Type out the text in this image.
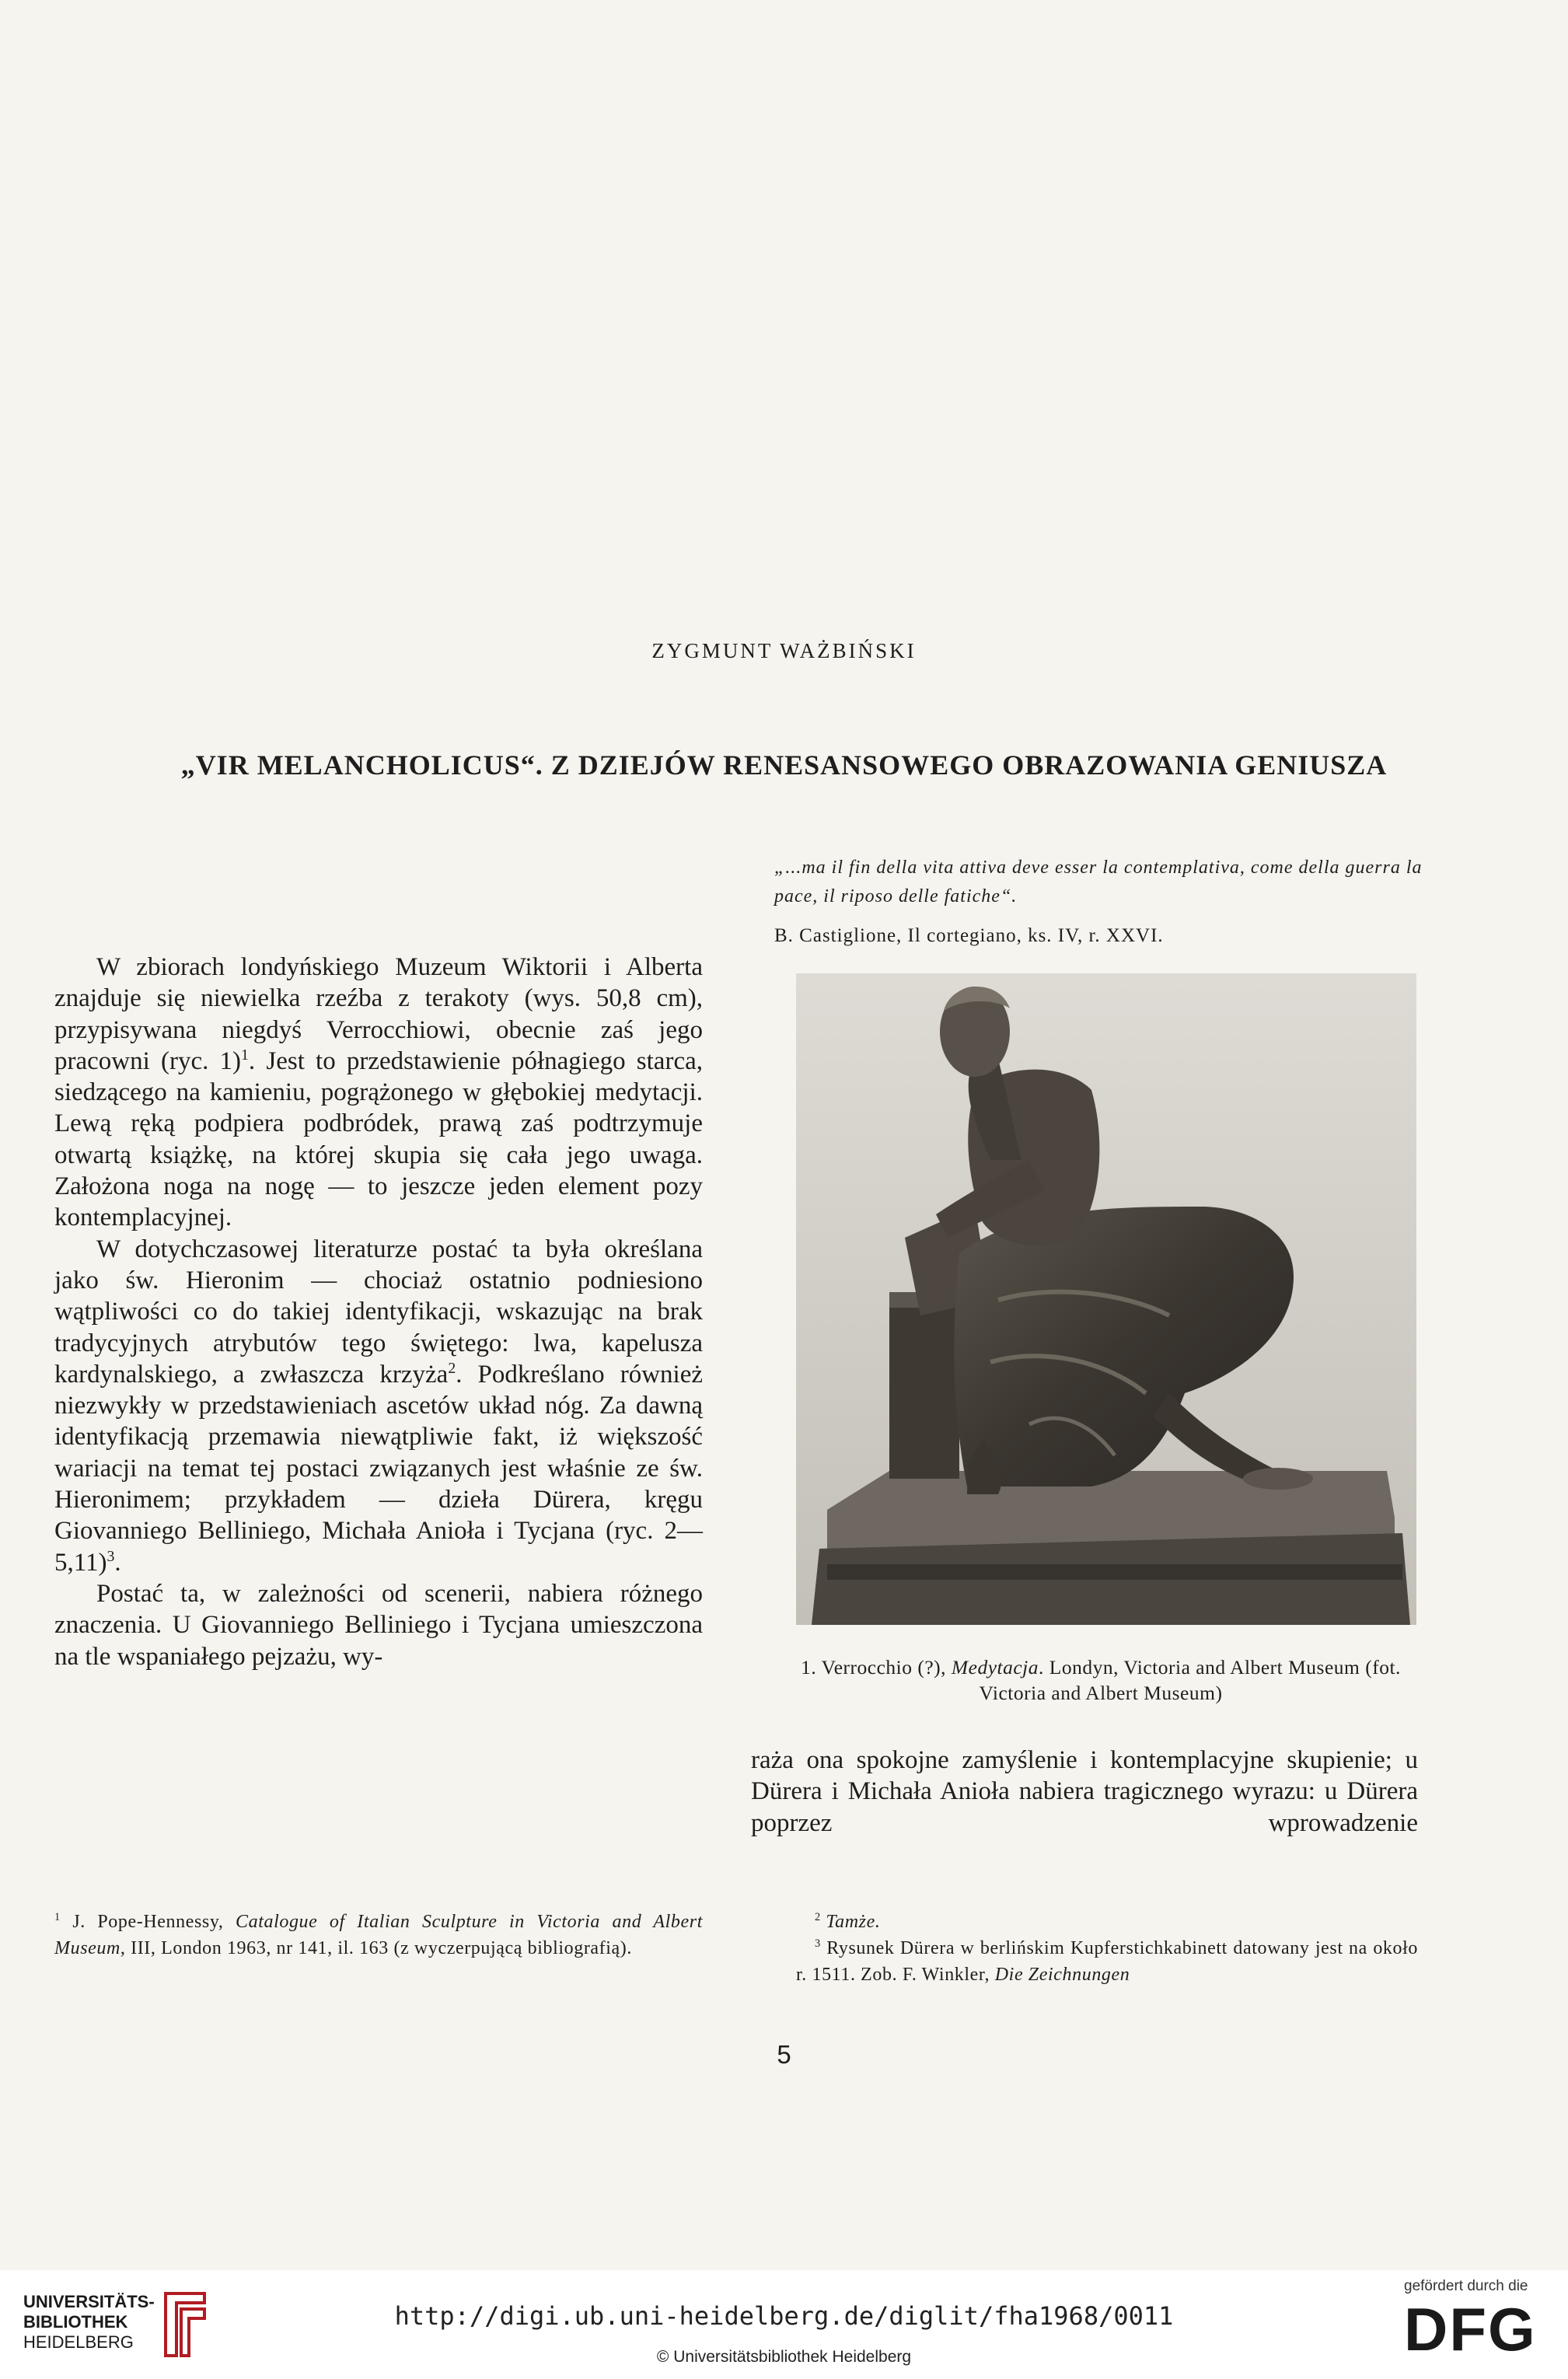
ZYGMUNT WAŻBIŃSKI
„VIR MELANCHOLICUS“. Z DZIEJÓW RENESANSOWEGO OBRAZOWANIA GENIUSZA
„...ma il fin della vita attiva deve esser la contemplativa, come della guerra la pace, il riposo delle fatiche“.
B. Castiglione, Il cortegiano, ks. IV, r. XXVI.

W zbiorach londyńskiego Muzeum Wiktorii i Alberta znajduje się niewielka rzeźba z terakoty (wys. 50,8 cm), przypisywana niegdyś Verrocchiowi, obecnie zaś jego pracowni (ryc. 1)$^1$. Jest to przedstawienie półnagiego starca, siedzącego na kamieniu, pogrążonego w głębokiej medytacji. Lewą ręką podpiera podbródek, prawą zaś podtrzymuje otwartą książkę, na której skupia się cała jego uwaga. Założona noga na nogę — to jeszcze jeden element pozy kontemplacyjnej.

W dotychczasowej literaturze postać ta była określana jako św. Hieronim — chociaż ostatnio podniesiono wątpliwości co do takiej identyfikacji, wskazując na brak tradycyjnych atrybutów tego świętego: lwa, kapelusza kardynalskiego, a zwłaszcza krzyża$^2$. Podkreślano również niezwykły w przedstawieniach ascetów układ nóg. Za dawną identyfikacją przemawia niewątpliwie fakt, iż większość wariacji na temat tej postaci związanych jest właśnie ze św. Hieronimem; przykładem — dzieła Dürera, kręgu Giovanniego Belliniego, Michała Anioła i Tycjana (ryc. 2—5,11)$^3$.

Postać ta, w zależności od scenerii, nabiera różnego znaczenia. U Giovanniego Belliniego i Tycjana umieszczona na tle wspaniałego pejzażu, wy-	1. Verrocchio (?), Medytacja. Londyn, Victoria and Albert Museum (fot. Victoria and Albert Museum)

raża ona spokojne zamyślenie i kontemplacyjne skupienie; u Dürera i Michała Anioła nabiera tragicznego wyrazu: u Dürera poprzez wprowadzenie

$^1$ J. Pope-Hennessy, Catalogue of Italian Sculpture in Victoria and Albert Museum, III, London 1963, nr 141, il. 163 (z wyczerpującą bibliografią).

$^2$ Tamże.

$^3$ Rysunek Dürera w berlińskim Kupferstichkabinett datowany jest na około r. 1511. Zob. F. Winkler, Die Zeichnungen

5
UNIVERSITÄTS-
BIBLIOTHEK
HEIDELBERG
http://digi.ub.uni-heidelberg.de/diglit/fha1968/0011
© Universitätsbibliothek Heidelberg
gefördert durch die
DFG
